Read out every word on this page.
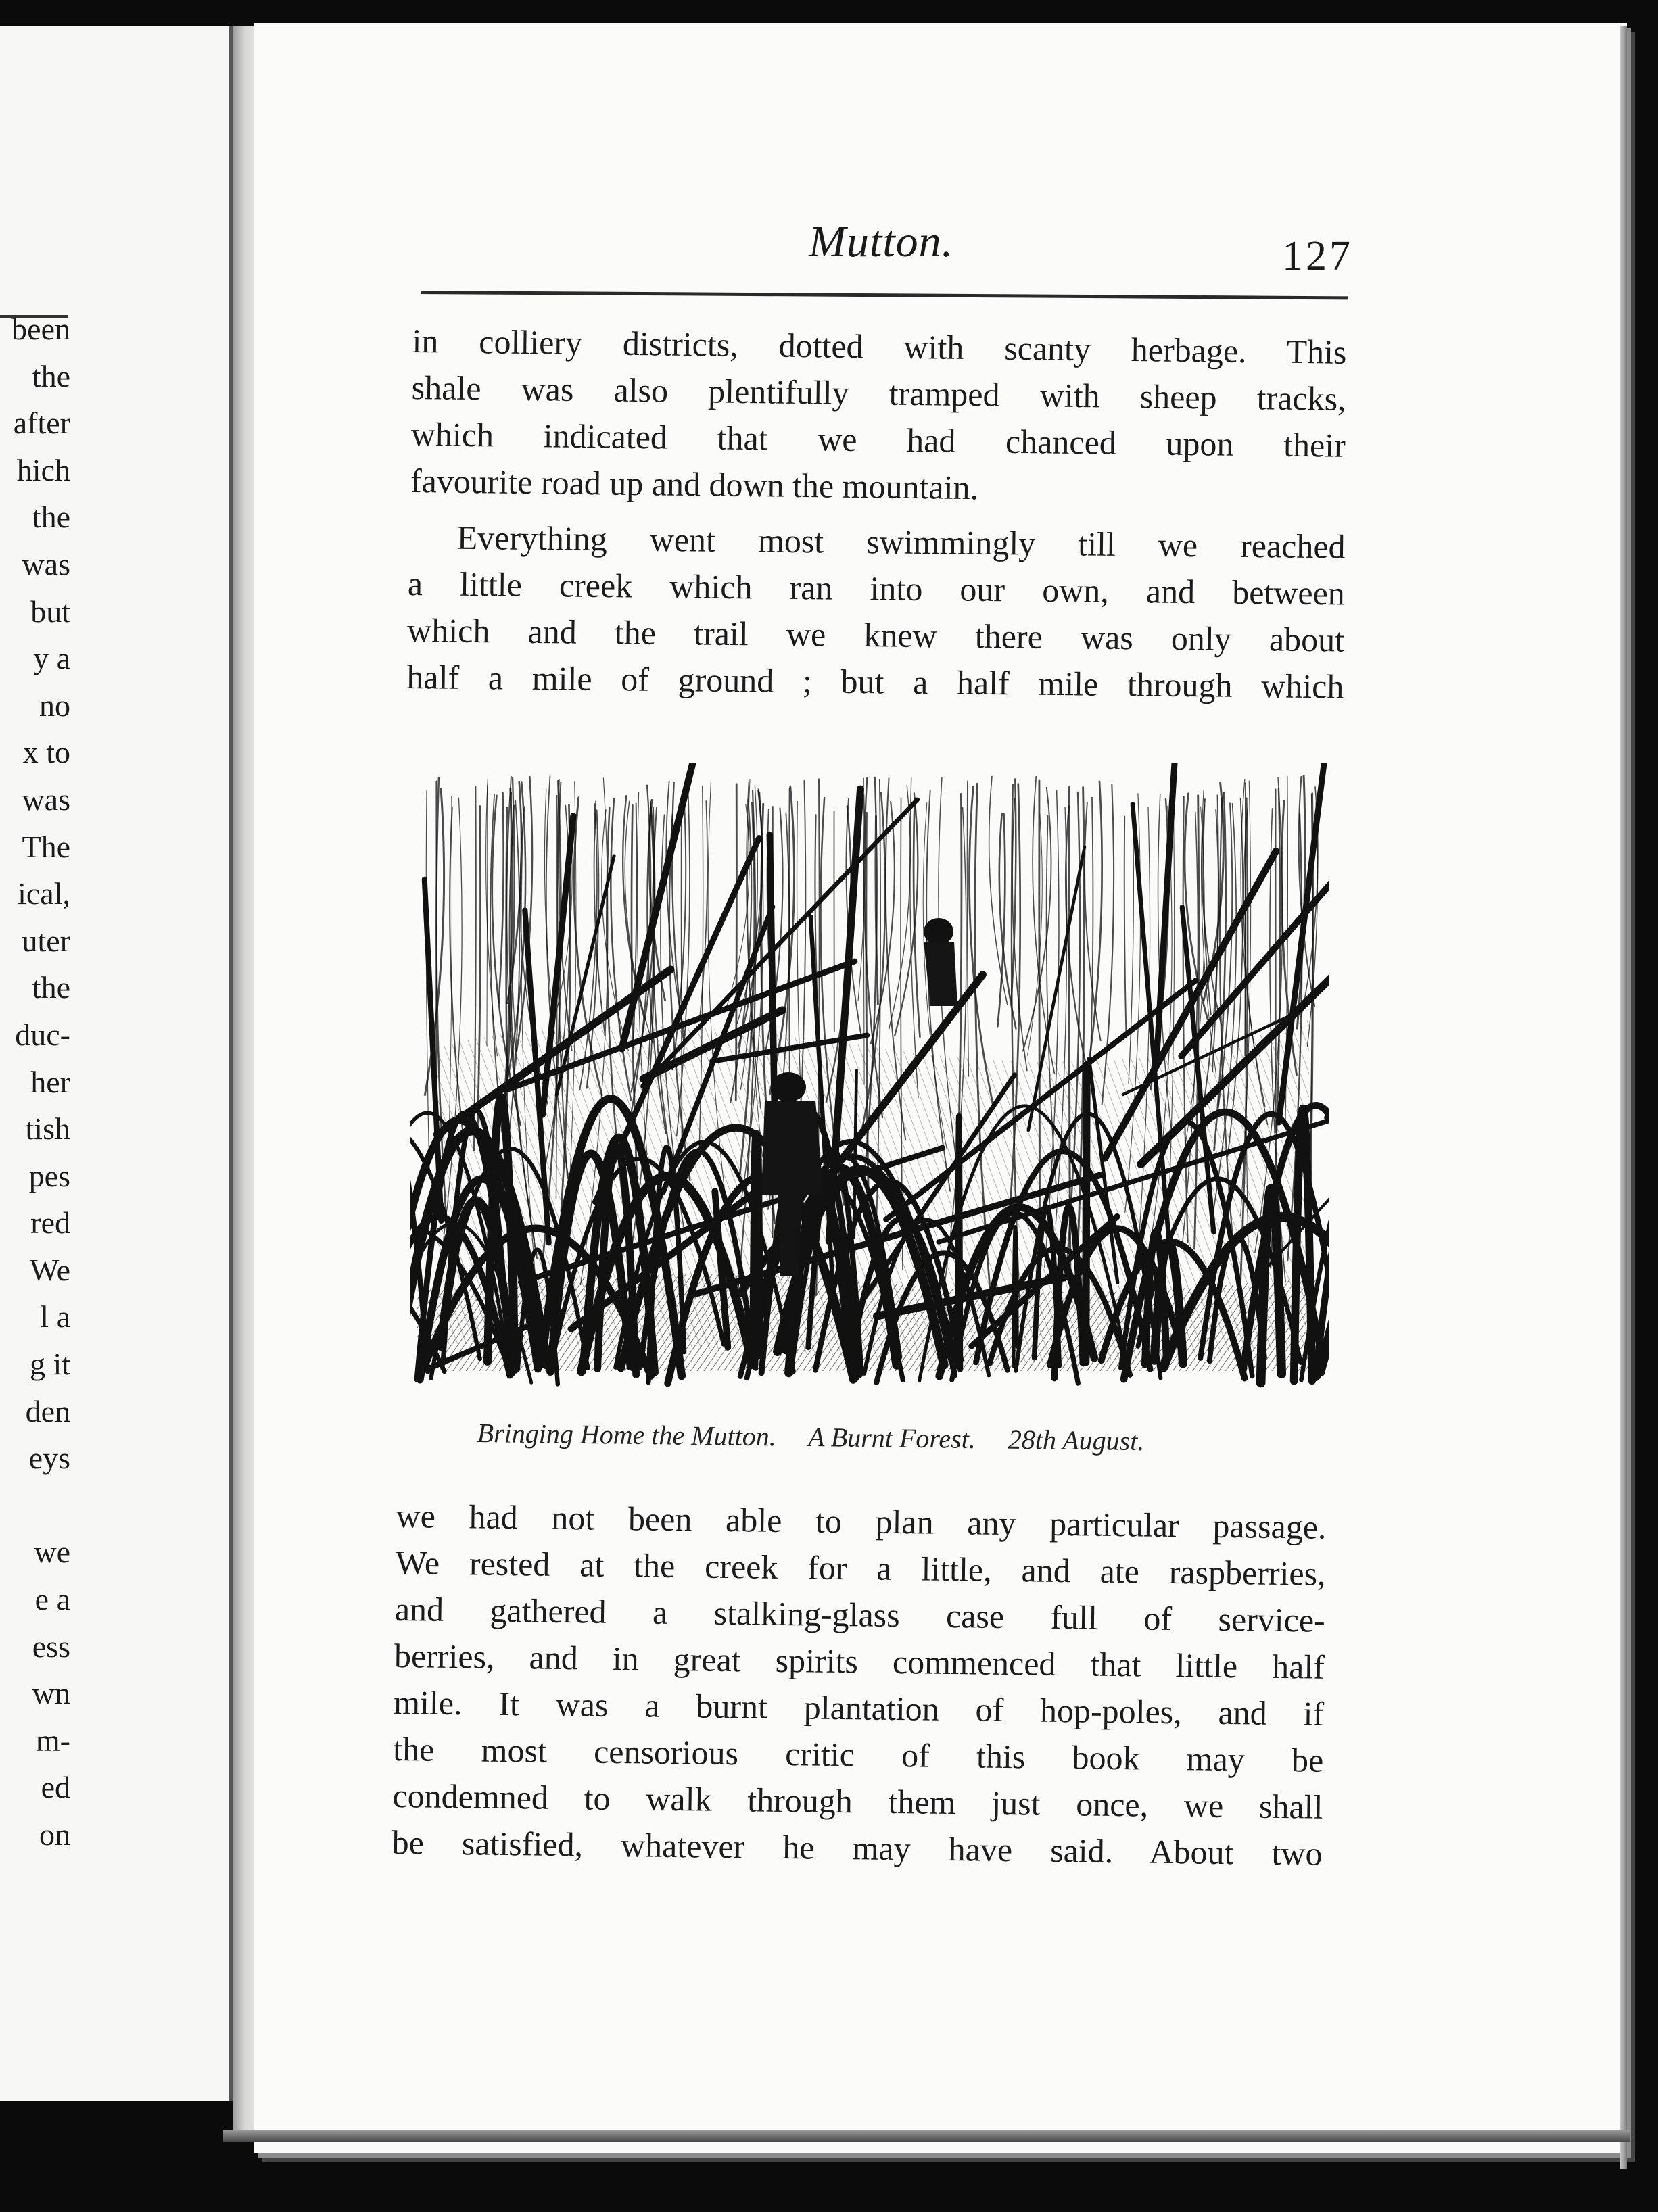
been
the
after
hich
the
was
but
y a
no
x to
was
The
ical,
uter
the
duc-
her
tish
pes
red
We
l a
g it
den
eys

we
e a
ess
wn
m-
ed
on
Mutton.	127
in colliery districts, dotted with scanty herbage. This
shale was also plentifully tramped with sheep tracks,
which indicated that we had chanced upon their
favourite road up and down the mountain.
Everything went most swimmingly till we reached
a little creek which ran into our own, and between
which and the trail we knew there was only about
half a mile of ground ; but a half mile through which
Bringing Home the Mutton. A Burnt Forest. 28th August.
we had not been able to plan any particular passage.
We rested at the creek for a little, and ate raspberries,
and gathered a stalking-glass case full of service-
berries, and in great spirits commenced that little half
mile. It was a burnt plantation of hop-poles, and if
the most censorious critic of this book may be
condemned to walk through them just once, we shall
be satisfied, whatever he may have said. About two
